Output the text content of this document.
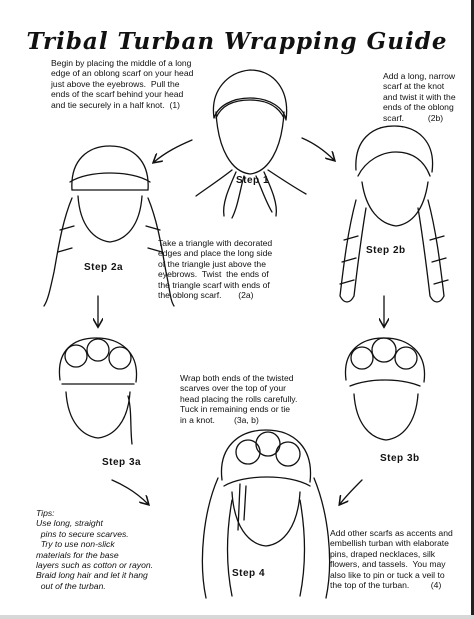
Tribal Turban Wrapping Guide
Begin by placing the middle of a long
edge of an oblong scarf on your head
just above the eyebrows.  Pull the
ends of the scarf behind your head
and tie securely in a half knot.  (1)
Add a long, narrow
scarf at the knot
and twist it with the
ends of the oblong
scarf.          (2b)
Take a triangle with decorated
edges and place the long side
of the triangle just above the
eyebrows.  Twist  the ends of
the triangle scarf with ends of
the oblong scarf.       (2a)
Wrap both ends of the twisted
scarves over the top of your
head placing the rolls carefully.
Tuck in remaining ends or tie
in a knot.        (3a, b)
Tips:
Use long, straight
pins to secure scarves.
Try to use non-slick
materials for the base
layers such as cotton or rayon.
Braid long hair and let it hang
out of the turban.
Add other scarfs as accents and
embellish turban with elaborate
pins, draped necklaces, silk
flowers, and tassels.  You may
also like to pin or tuck a veil to
the top of the turban.         (4)
Step 1
Step 2a
Step 2b
Step 3a	Step 3b
Step 4
